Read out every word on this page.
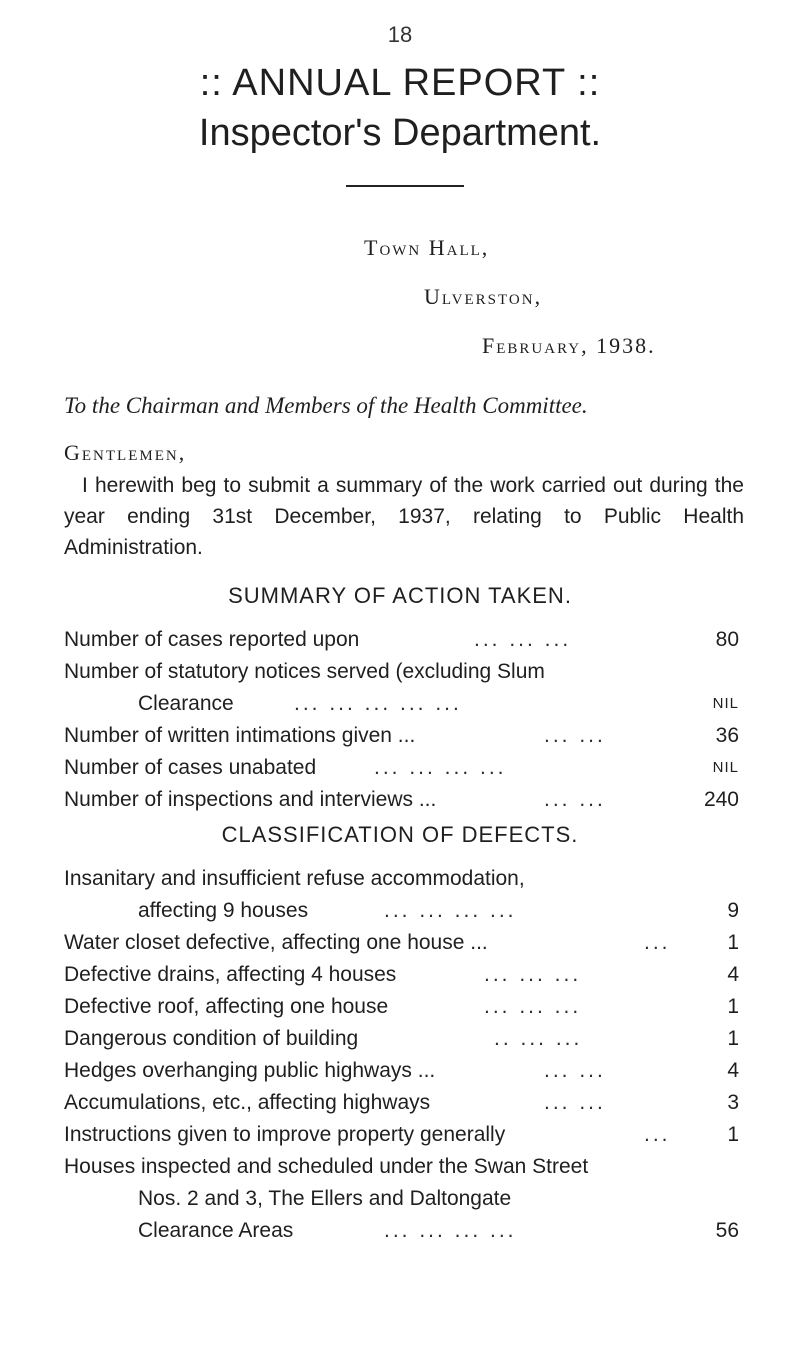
18
:: ANNUAL REPORT ::
Inspector's Department.
Town Hall,
Ulverston,
February, 1938.
To the Chairman and Members of the Health Committee.
Gentlemen,
I herewith beg to submit a summary of the work carried out during the year ending 31st December, 1937, relating to Public Health Administration.
SUMMARY OF ACTION TAKEN.
Number of cases reported upon	... ... ...	80
Number of statutory notices served (excluding Slum
Clearance	... ... ... ... ...	NIL
Number of written intimations given ...	... ...	36
Number of cases unabated	... ... ... ...	NIL
Number of inspections and interviews ...	... ...	240
CLASSIFICATION OF DEFECTS.
Insanitary and insufficient refuse accommodation,
affecting 9 houses	... ... ... ...	9
Water closet defective, affecting one house ...	...	1
Defective drains, affecting 4 houses	... ... ...	4
Defective roof, affecting one house	... ... ...	1
Dangerous condition of building	.. ... ...	1
Hedges overhanging public highways ...	... ...	4
Accumulations, etc., affecting highways	... ...	3
Instructions given to improve property generally	...	1
Houses inspected and scheduled under the Swan Street
Nos. 2 and 3, The Ellers and Daltongate
Clearance Areas	... ... ... ...	56
